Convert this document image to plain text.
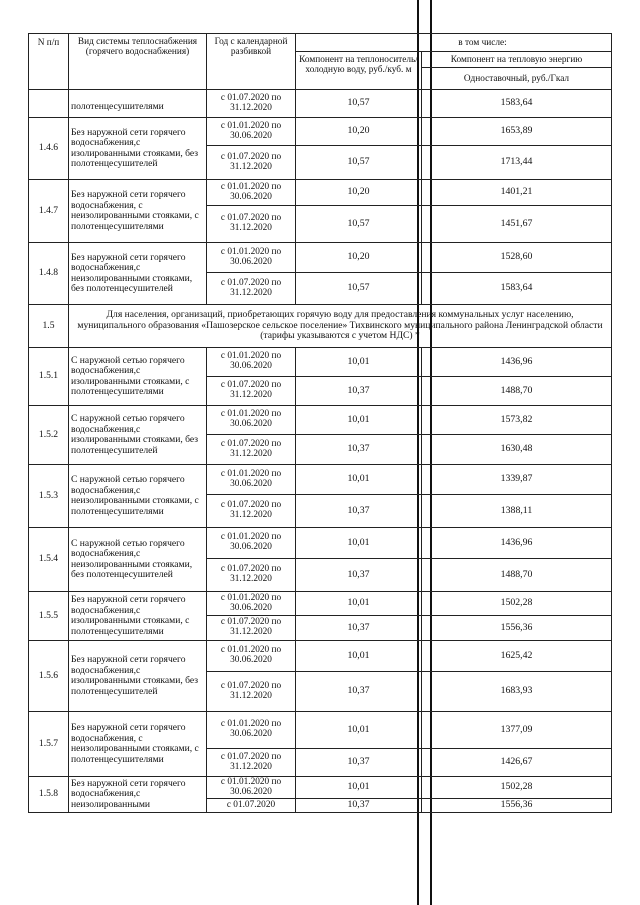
N п/п	Вид системы теплоснабжения (горячего водоснабжения)	Год с календарной разбивкой	в том числе:	
			Компонент на теплоноситель/холодную воду, руб./куб. м	Компонент на тепловую энергию
				Одноставочный, руб./Гкал
	полотенцесушителями	с 01.07.2020 по 31.12.2020	10,57	1583,64
1.4.6	Без наружной сети горячего водоснабжения,с изолированными стояками, без полотенцесушителей	с 01.01.2020 по 30.06.2020	10,20	1653,89
		с 01.07.2020 по 31.12.2020	10,57	1713,44
1.4.7	Без наружной сети горячего водоснабжения, с неизолированными стояками, с полотенцесушителями	с 01.01.2020 по 30.06.2020	10,20	1401,21
		с 01.07.2020 по 31.12.2020	10,57	1451,67
1.4.8	Без наружной сети горячего водоснабжения,с неизолированными стояками, без полотенцесушителей	с 01.01.2020 по 30.06.2020	10,20	1528,60
		с 01.07.2020 по 31.12.2020	10,57	1583,64
1.5	Для населения, организаций, приобретающих горячую воду для предоставления коммунальных услуг населению, муниципального образования «Пашозерское сельское поселение» Тихвинского муниципального района Ленинградской области (тарифы указываются с учетом НДС) *			
1.5.1	С наружной сетью горячего водоснабжения,с изолированными стояками, с полотенцесушителями	с 01.01.2020 по 30.06.2020	10,01	1436,96
		с 01.07.2020 по 31.12.2020	10,37	1488,70
1.5.2	С наружной сетью горячего водоснабжения,с изолированными стояками, без полотенцесушителей	с 01.01.2020 по 30.06.2020	10,01	1573,82
		с 01.07.2020 по 31.12.2020	10,37	1630,48
1.5.3	С наружной сетью горячего водоснабжения,с неизолированными стояками, с полотенцесушителями	с 01.01.2020 по 30.06.2020	10,01	1339,87
		с 01.07.2020 по 31.12.2020	10,37	1388,11
1.5.4	С наружной сетью горячего водоснабжения,с неизолированными стояками, без полотенцесушителей	с 01.01.2020 по 30.06.2020	10,01	1436,96
		с 01.07.2020 по 31.12.2020	10,37	1488,70
1.5.5	Без наружной сети горячего водоснабжения,с изолированными стояками, с полотенцесушителями	с 01.01.2020 по 30.06.2020	10,01	1502,28
		с 01.07.2020 по 31.12.2020	10,37	1556,36
1.5.6	Без наружной сети горячего водоснабжения,с изолированными стояками, без полотенцесушителей	с 01.01.2020 по 30.06.2020	10,01	1625,42
		с 01.07.2020 по 31.12.2020	10,37	1683,93
1.5.7	Без наружной сети горячего водоснабжения, с неизолированными стояками, с полотенцесушителями	с 01.01.2020 по 30.06.2020	10,01	1377,09
		с 01.07.2020 по 31.12.2020	10,37	1426,67
1.5.8	Без наружной сети горячего водоснабжения,с неизолированными	с 01.01.2020 по 30.06.2020	10,01	1502,28
		с 01.07.2020	10,37	1556,36
